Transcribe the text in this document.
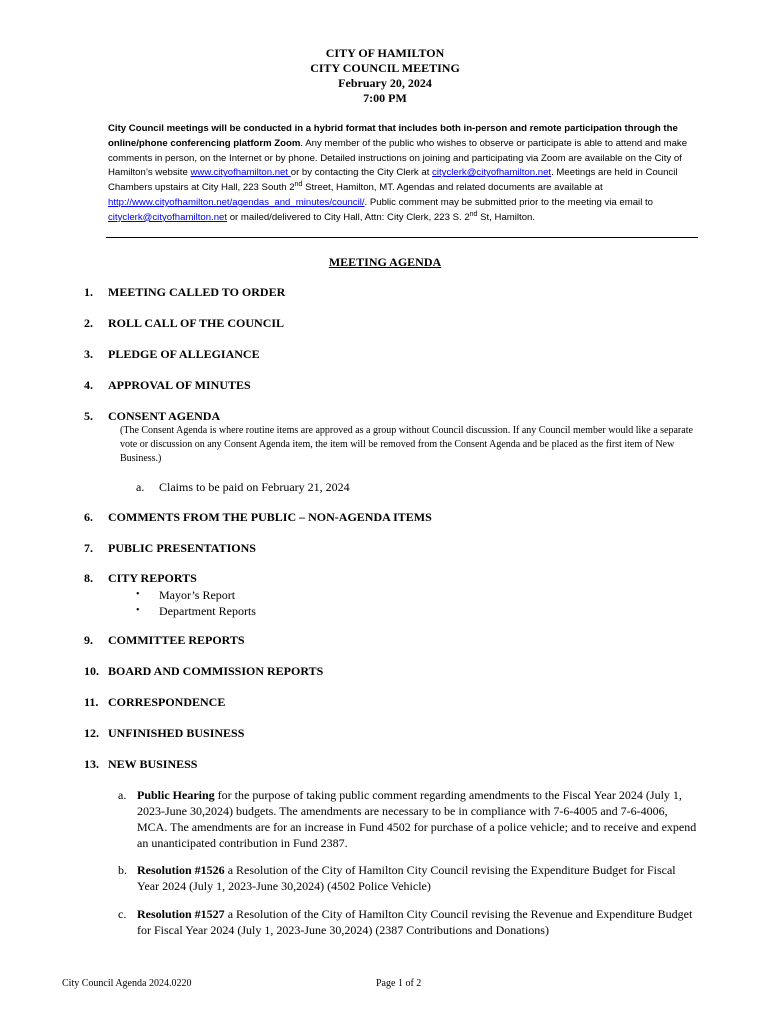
CITY OF HAMILTON
CITY COUNCIL MEETING
February 20, 2024
7:00 PM
City Council meetings will be conducted in a hybrid format that includes both in-person and remote participation through the online/phone conferencing platform Zoom. Any member of the public who wishes to observe or participate is able to attend and make comments in person, on the Internet or by phone. Detailed instructions on joining and participating via Zoom are available on the City of Hamilton’s website www.cityofhamilton.net or by contacting the City Clerk at cityclerk@cityofhamilton.net. Meetings are held in Council Chambers upstairs at City Hall, 223 South 2nd Street, Hamilton, MT. Agendas and related documents are available at http://www.cityofhamilton.net/agendas_and_minutes/council/. Public comment may be submitted prior to the meeting via email to cityclerk@cityofhamilton.net or mailed/delivered to City Hall, Attn: City Clerk, 223 S. 2nd St, Hamilton.
MEETING AGENDA
1. MEETING CALLED TO ORDER
2. ROLL CALL OF THE COUNCIL
3. PLEDGE OF ALLEGIANCE
4. APPROVAL OF MINUTES
5. CONSENT AGENDA
(The Consent Agenda is where routine items are approved as a group without Council discussion. If any Council member would like a separate vote or discussion on any Consent Agenda item, the item will be removed from the Consent Agenda and be placed as the first item of New Business.)
a. Claims to be paid on February 21, 2024
6. COMMENTS FROM THE PUBLIC – NON-AGENDA ITEMS
7. PUBLIC PRESENTATIONS
8. CITY REPORTS
• Mayor’s Report
• Department Reports
9. COMMITTEE REPORTS
10. BOARD AND COMMISSION REPORTS
11. CORRESPONDENCE
12. UNFINISHED BUSINESS
13. NEW BUSINESS
a. Public Hearing for the purpose of taking public comment regarding amendments to the Fiscal Year 2024 (July 1, 2023-June 30,2024) budgets. The amendments are necessary to be in compliance with 7-6-4005 and 7-6-4006, MCA. The amendments are for an increase in Fund 4502 for purchase of a police vehicle; and to receive and expend an unanticipated contribution in Fund 2387.
b. Resolution #1526 a Resolution of the City of Hamilton City Council revising the Expenditure Budget for Fiscal Year 2024 (July 1, 2023-June 30,2024) (4502 Police Vehicle)
c. Resolution #1527 a Resolution of the City of Hamilton City Council revising the Revenue and Expenditure Budget for Fiscal Year 2024 (July 1, 2023-June 30,2024) (2387 Contributions and Donations)
City Council Agenda 2024.0220	Page 1 of 2
